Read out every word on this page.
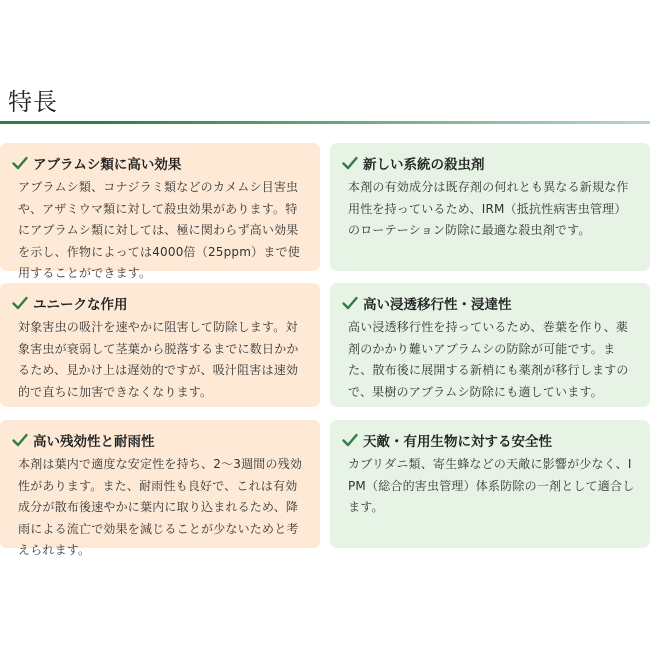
特長
アブラムシ類に高い効果

アブラムシ類、コナジラミ類などのカメムシ目害虫や、アザミウマ類に対して殺虫効果があります。特にアブラムシ類に対しては、極に関わらず高い効果を示し、作物によっては4000倍（25ppm）まで使用することができます。

新しい系統の殺虫剤

本剤の有効成分は既存剤の何れとも異なる新規な作用性を持っているため、IRM（抵抗性病害虫管理）のローテーション防除に最適な殺虫剤です。

ユニークな作用

対象害虫の吸汁を速やかに阻害して防除します。対象害虫が衰弱して茎葉から脱落するまでに数日かかるため、見かけ上は遅効的ですが、吸汁阻害は速効的で直ちに加害できなくなります。

高い浸透移行性・浸達性

高い浸透移行性を持っているため、巻葉を作り、薬剤のかかり難いアブラムシの防除が可能です。また、散布後に展開する新梢にも薬剤が移行しますので、果樹のアブラムシ防除にも適しています。

高い残効性と耐雨性

本剤は葉内で適度な安定性を持ち、2〜3週間の残効性があります。また、耐雨性も良好で、これは有効成分が散布後速やかに葉内に取り込まれるため、降雨による流亡で効果を減じることが少ないためと考えられます。

天敵・有用生物に対する安全性

カブリダニ類、寄生蜂などの天敵に影響が少なく、IPM（総合的害虫管理）体系防除の一剤として適合します。
